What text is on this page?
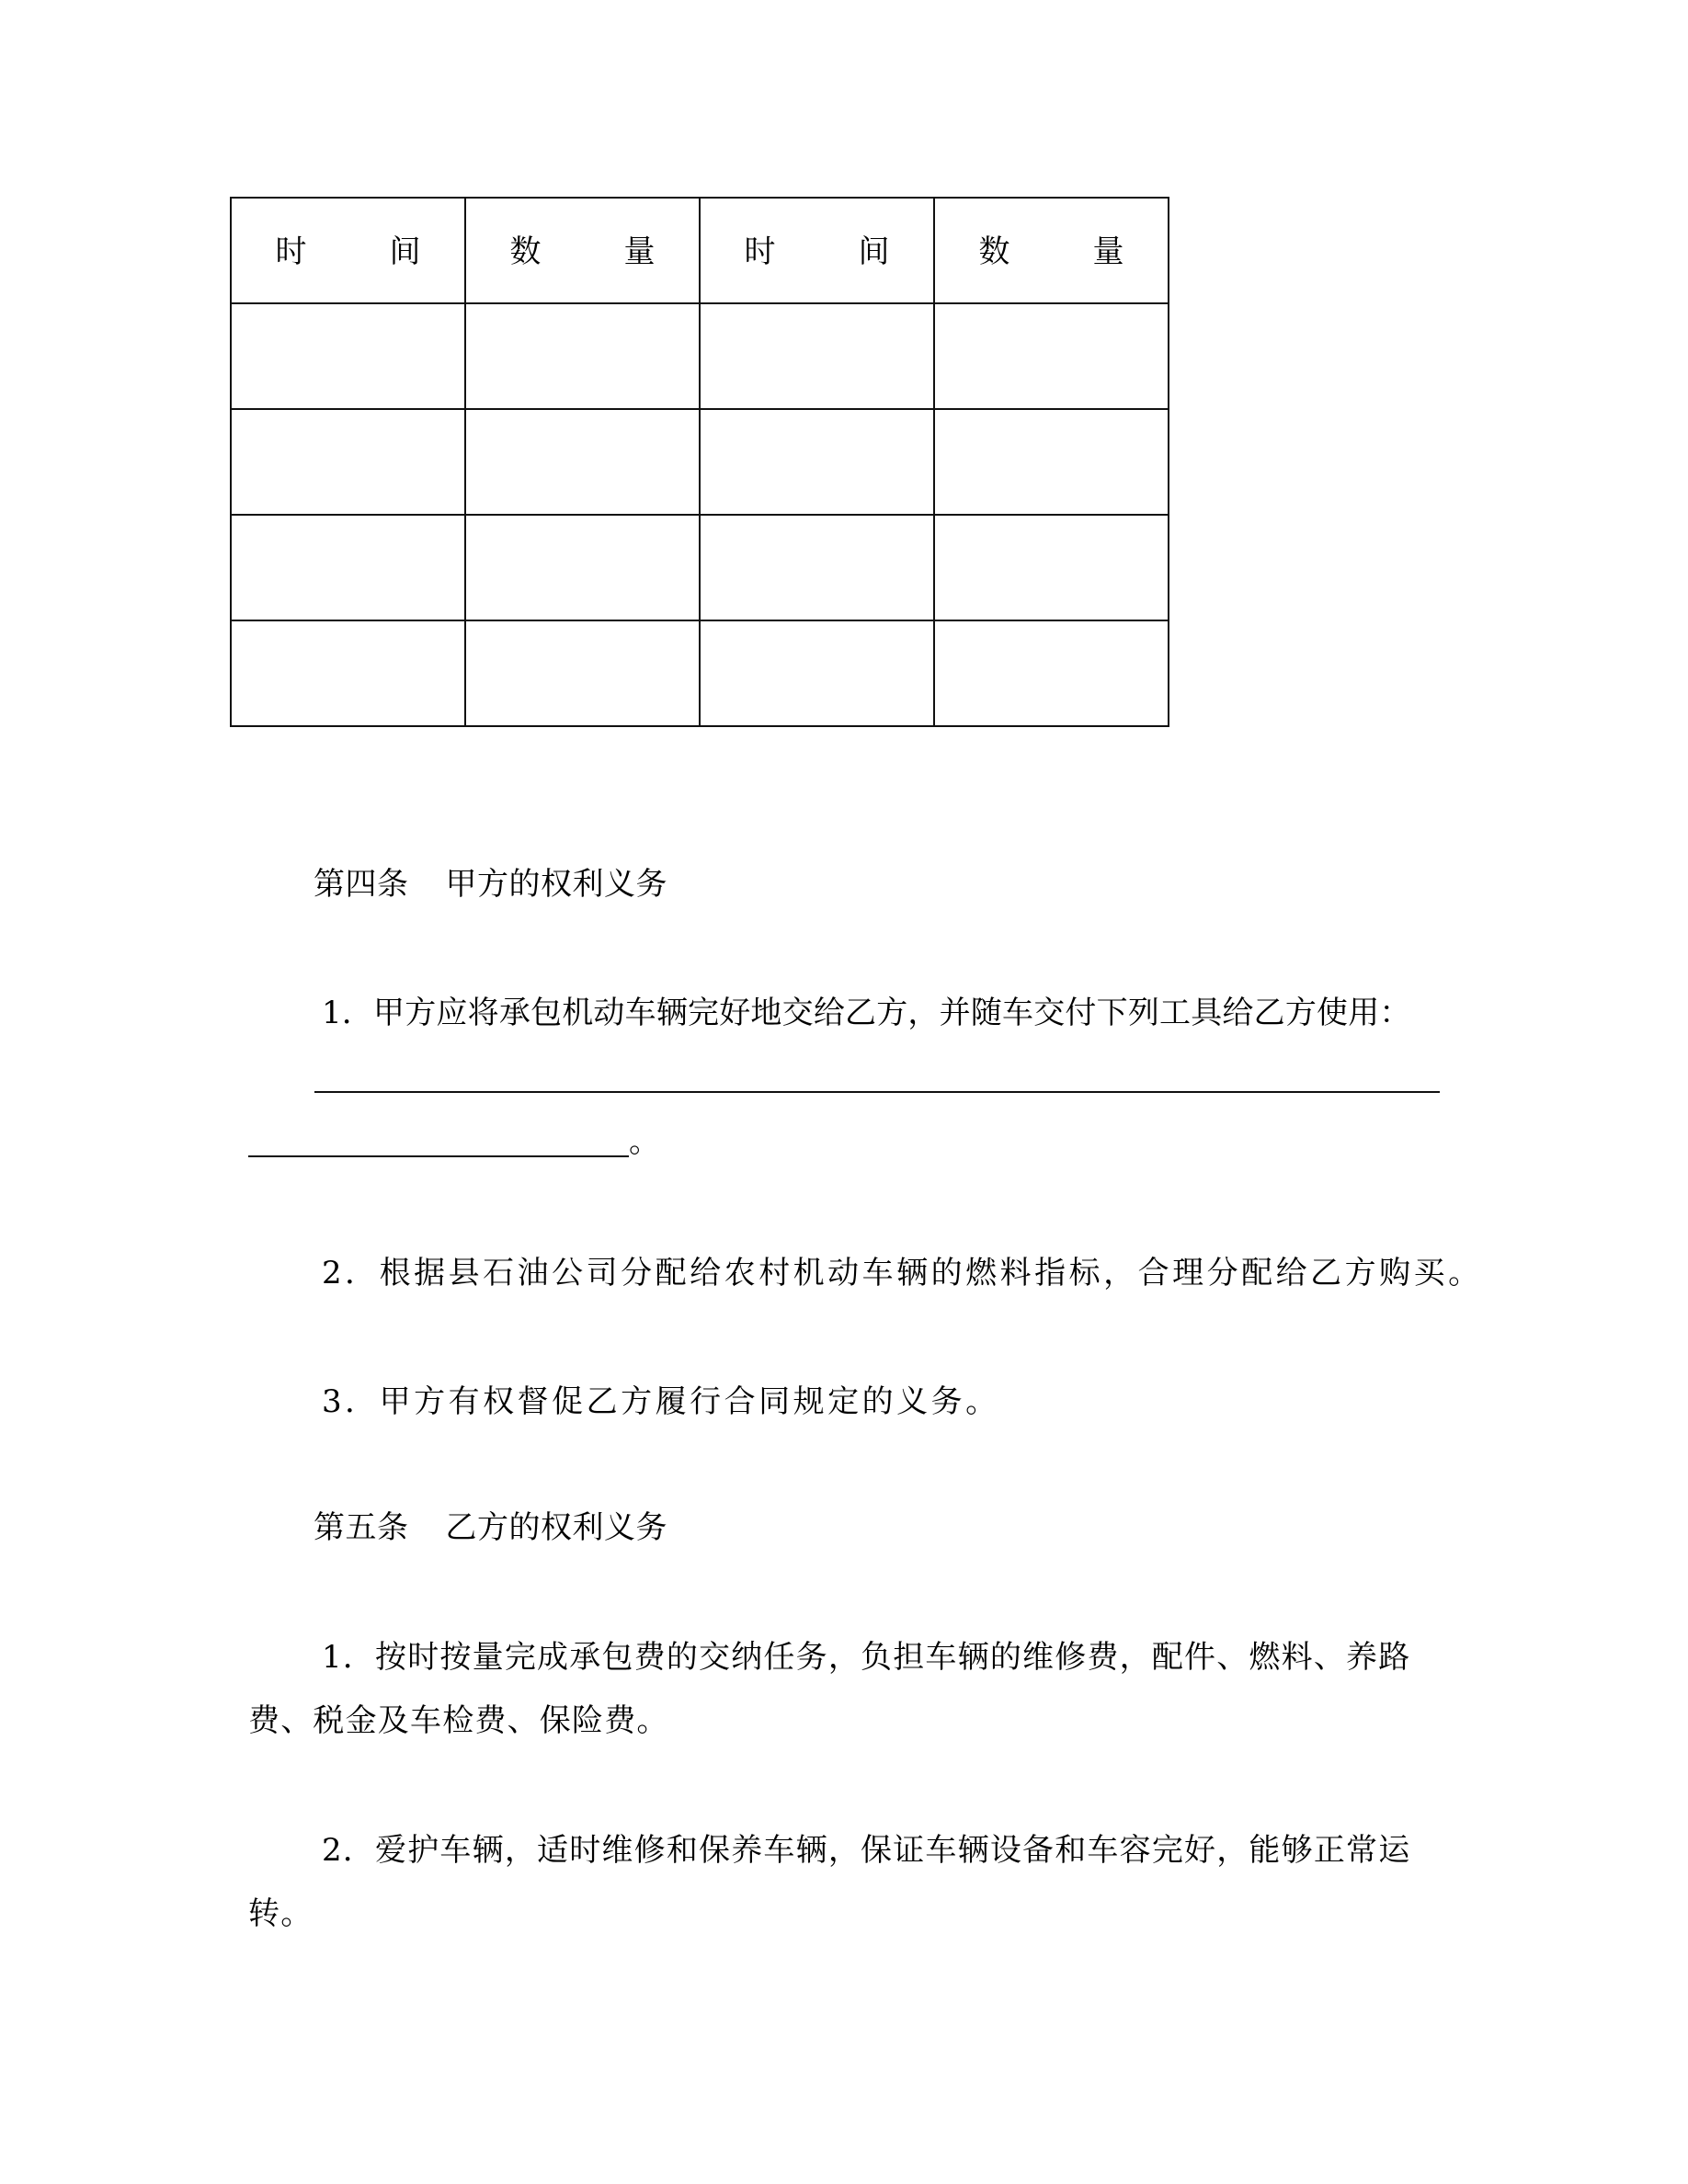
时 间	数 量	时 间	数 量

第四条 甲方的权利义务
1．甲方应将承包机动车辆完好地交给乙方，并随车交付下列工具给乙方使用：
。
2．根据县石油公司分配给农村机动车辆的燃料指标，合理分配给乙方购买。
3．甲方有权督促乙方履行合同规定的义务。
第五条 乙方的权利义务
1．按时按量完成承包费的交纳任务，负担车辆的维修费，配件、燃料、养路
费、税金及车检费、保险费。
2．爱护车辆，适时维修和保养车辆，保证车辆设备和车容完好，能够正常运
转。
